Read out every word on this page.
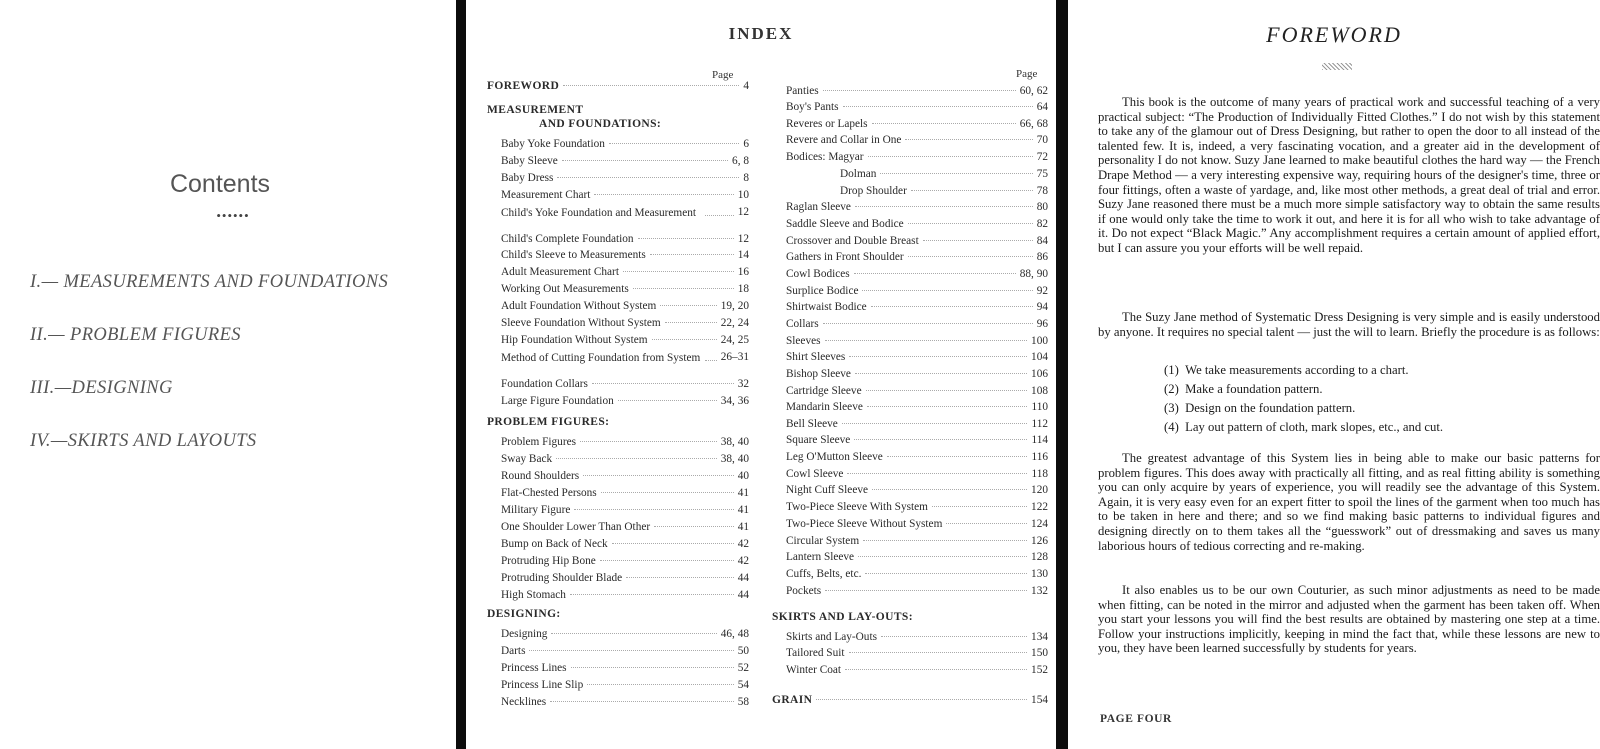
Contents
••••••
I.— MEASUREMENTS AND FOUNDATIONS
II.— PROBLEM FIGURES
III.—DESIGNING
IV.—SKIRTS AND LAYOUTS
INDEX
Page
FOREWORD	4
MEASUREMENT
AND FOUNDATIONS:
Baby Yoke Foundation	6
Baby Sleeve	6, 8
Baby Dress	8
Measurement Chart	10
Child's Yoke Foundation and Measurement	12
Child's Complete Foundation	12
Child's Sleeve to Measurements	14
Adult Measurement Chart	16
Working Out Measurements	18
Adult Foundation Without System	19, 20
Sleeve Foundation Without System	22, 24
Hip Foundation Without System	24, 25
Method of Cutting Foundation from System 26–31
Foundation Collars	32
Large Figure Foundation	34, 36
PROBLEM FIGURES:
Problem Figures	38, 40
Sway Back	38, 40
Round Shoulders	40
Flat-Chested Persons	41
Military Figure	41
One Shoulder Lower Than Other	41
Bump on Back of Neck	42
Protruding Hip Bone	42
Protruding Shoulder Blade	44
High Stomach	44
DESIGNING:
Designing	46, 48
Darts	50
Princess Lines	52
Princess Line Slip	54
Necklines	58
Page
Panties	60, 62
Boy's Pants	64
Reveres or Lapels	66, 68
Revere and Collar in One	70
Bodices: Magyar	72
Dolman	75
Drop Shoulder	78
Raglan Sleeve	80
Saddle Sleeve and Bodice	82
Crossover and Double Breast	84
Gathers in Front Shoulder	86
Cowl Bodices	88, 90
Surplice Bodice	92
Shirtwaist Bodice	94
Collars	96
Sleeves	100
Shirt Sleeves	104
Bishop Sleeve	106
Cartridge Sleeve	108
Mandarin Sleeve	110
Bell Sleeve	112
Square Sleeve	114
Leg O'Mutton Sleeve	116
Cowl Sleeve	118
Night Cuff Sleeve	120
Two-Piece Sleeve With System	122
Two-Piece Sleeve Without System	124
Circular System	126
Lantern Sleeve	128
Cuffs, Belts, etc.	130
Pockets	132
SKIRTS AND LAY-OUTS:
Skirts and Lay-Outs	134
Tailored Suit	150
Winter Coat	152
GRAIN	154
FOREWORD
This book is the outcome of many years of practical work and successful teaching of a very practical subject: “The Production of Individually Fitted Clothes.” I do not wish by this statement to take any of the glamour out of Dress Designing, but rather to open the door to all instead of the talented few. It is, indeed, a very fascinating vocation, and a greater aid in the development of personality I do not know. Suzy Jane learned to make beautiful clothes the hard way — the French Drape Method — a very interesting expensive way, requiring hours of the designer's time, three or four fittings, often a waste of yardage, and, like most other methods, a great deal of trial and error. Suzy Jane reasoned there must be a much more simple satisfactory way to obtain the same results if one would only take the time to work it out, and here it is for all who wish to take advantage of it. Do not expect “Black Magic.” Any accomplishment requires a certain amount of applied effort, but I can assure you your efforts will be well repaid.
The Suzy Jane method of Systematic Dress Designing is very simple and is easily understood by anyone. It requires no special talent — just the will to learn. Briefly the procedure is as follows:
(1) We take measurements according to a chart.
(2) Make a foundation pattern.
(3) Design on the foundation pattern.
(4) Lay out pattern of cloth, mark slopes, etc., and cut.
The greatest advantage of this System lies in being able to make our basic patterns for problem figures. This does away with practically all fitting, and as real fitting ability is something you can only acquire by years of experience, you will readily see the advantage of this System. Again, it is very easy even for an expert fitter to spoil the lines of the garment when too much has to be taken in here and there; and so we find making basic patterns to individual figures and designing directly on to them takes all the “guesswork” out of dressmaking and saves us many laborious hours of tedious correcting and re-making.
It also enables us to be our own Couturier, as such minor adjustments as need to be made when fitting, can be noted in the mirror and adjusted when the garment has been taken off. When you start your lessons you will find the best results are obtained by mastering one step at a time. Follow your instructions implicitly, keeping in mind the fact that, while these lessons are new to you, they have been learned successfully by students for years.
PAGE FOUR
